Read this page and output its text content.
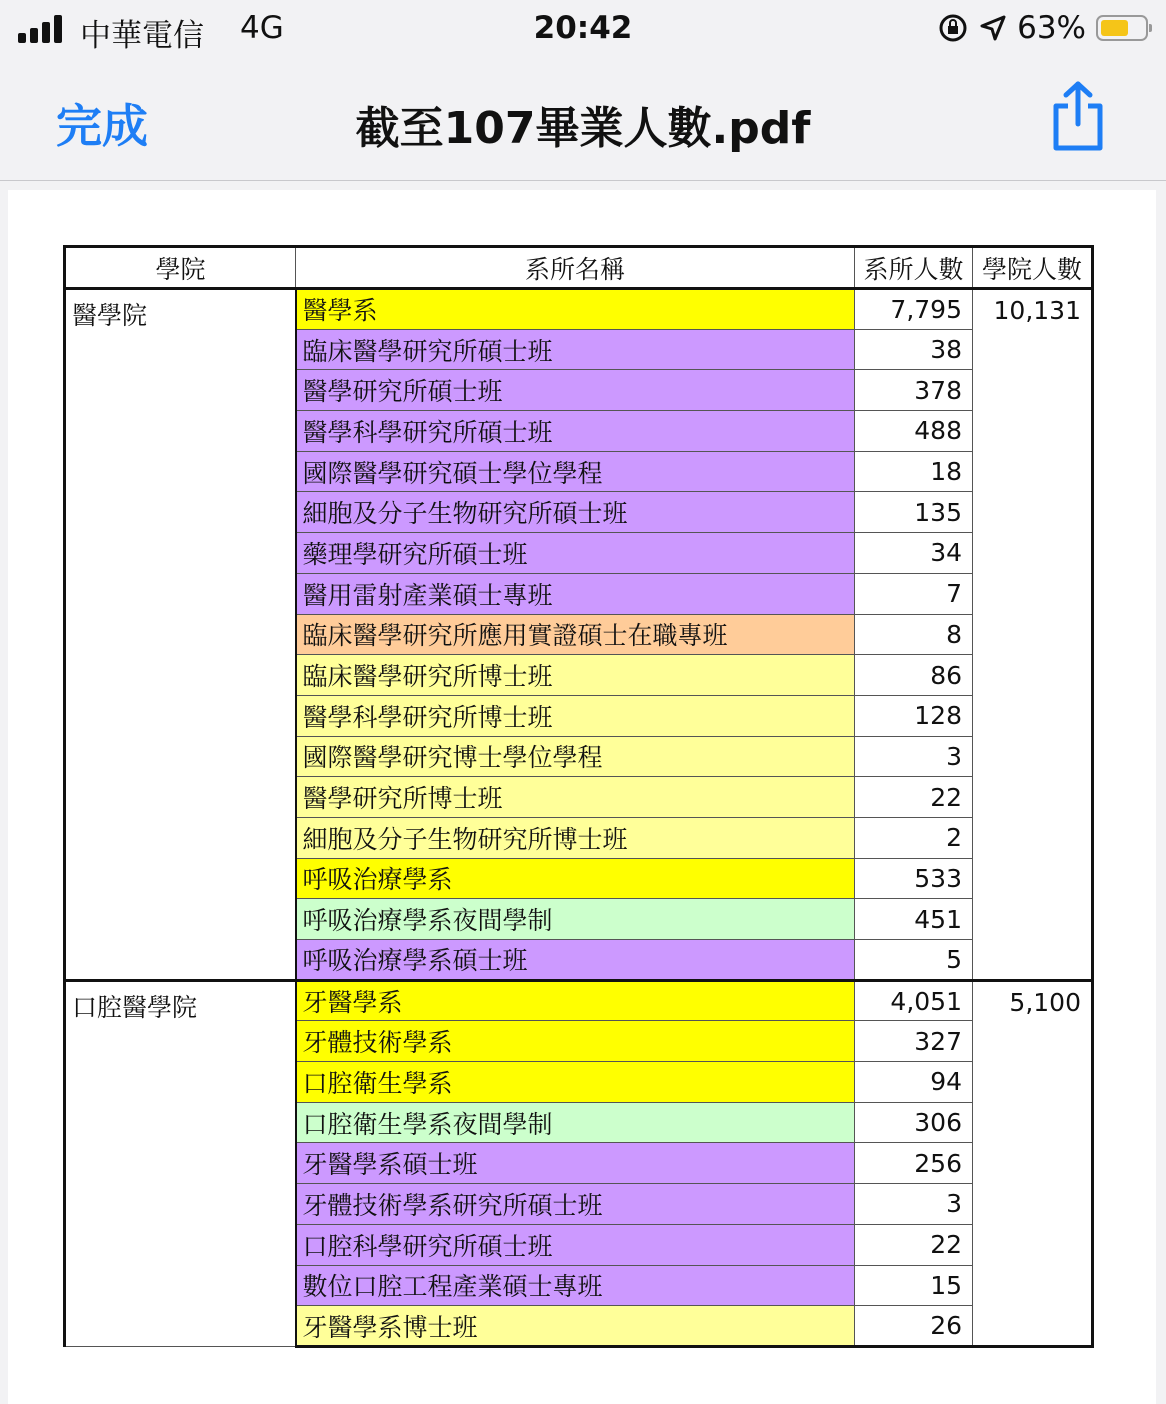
中華電信 4G	20:42	63%
完成	截至107畢業人數.pdf
學院	系所名稱	系所人數	學院人數
醫學院	醫學系	7,795	10,131
	臨床醫學研究所碩士班	38	
	醫學研究所碩士班	378	
	醫學科學研究所碩士班	488	
	國際醫學研究碩士學位學程	18	
	細胞及分子生物研究所碩士班	135	
	藥理學研究所碩士班	34	
	醫用雷射產業碩士專班	7	
	臨床醫學研究所應用實證碩士在職專班	8	
	臨床醫學研究所博士班	86	
	醫學科學研究所博士班	128	
	國際醫學研究博士學位學程	3	
	醫學研究所博士班	22	
	細胞及分子生物研究所博士班	2	
	呼吸治療學系	533	
	呼吸治療學系夜間學制	451	
	呼吸治療學系碩士班	5	
口腔醫學院	牙醫學系	4,051	5,100
	牙體技術學系	327	
	口腔衛生學系	94	
	口腔衛生學系夜間學制	306	
	牙醫學系碩士班	256	
	牙體技術學系研究所碩士班	3	
	口腔科學研究所碩士班	22	
	數位口腔工程產業碩士專班	15	
	牙醫學系博士班	26	
